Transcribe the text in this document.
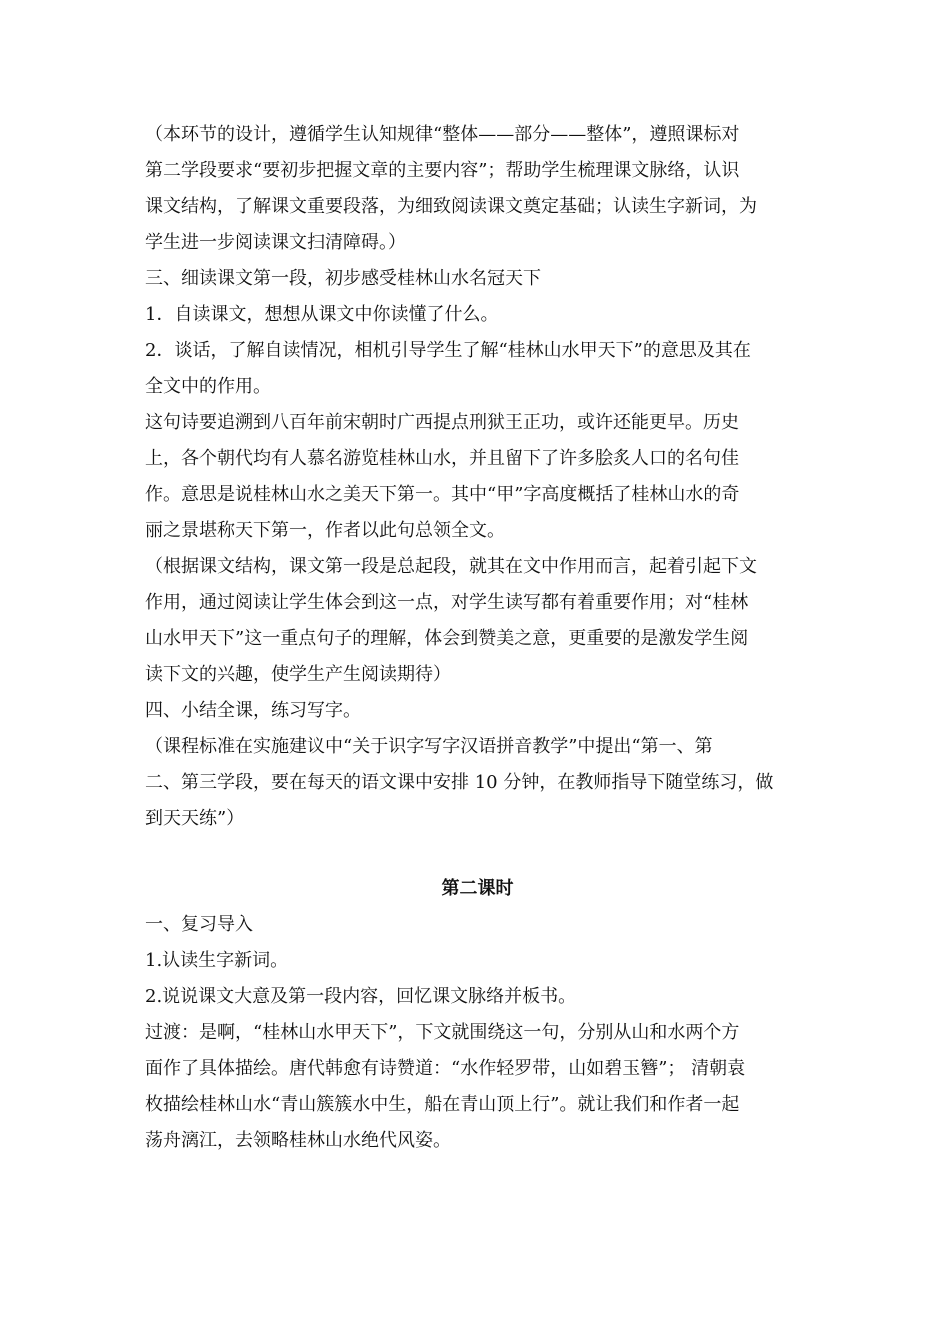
（本环节的设计，遵循学生认知规律“整体——部分——整体”，遵照课标对
第二学段要求“要初步把握文章的主要内容”；帮助学生梳理课文脉络，认识
课文结构，了解课文重要段落，为细致阅读课文奠定基础；认读生字新词，为
学生进一步阅读课文扫清障碍。）
三、细读课文第一段，初步感受桂林山水名冠天下
1．自读课文，想想从课文中你读懂了什么。
2．谈话，了解自读情况，相机引导学生了解“桂林山水甲天下”的意思及其在
全文中的作用。
这句诗要追溯到八百年前宋朝时广西提点刑狱王正功，或许还能更早。历史
上，各个朝代均有人慕名游览桂林山水，并且留下了许多脍炙人口的名句佳
作。意思是说桂林山水之美天下第一。其中“甲”字高度概括了桂林山水的奇
丽之景堪称天下第一，作者以此句总领全文。
（根据课文结构，课文第一段是总起段，就其在文中作用而言，起着引起下文
作用，通过阅读让学生体会到这一点，对学生读写都有着重要作用；对“桂林
山水甲天下”这一重点句子的理解，体会到赞美之意，更重要的是激发学生阅
读下文的兴趣，使学生产生阅读期待）
四、小结全课，练习写字。
（课程标准在实施建议中“关于识字写字汉语拼音教学”中提出“第一、第
二、第三学段，要在每天的语文课中安排 10 分钟，在教师指导下随堂练习，做
到天天练”）
第二课时
一、复习导入
1.认读生字新词。
2.说说课文大意及第一段内容，回忆课文脉络并板书。
过渡：是啊，“桂林山水甲天下”，下文就围绕这一句，分别从山和水两个方
面作了具体描绘。唐代韩愈有诗赞道：“水作轻罗带，山如碧玉簪”； 清朝袁
枚描绘桂林山水“青山簇簇水中生，船在青山顶上行”。就让我们和作者一起
荡舟漓江，去领略桂林山水绝代风姿。
